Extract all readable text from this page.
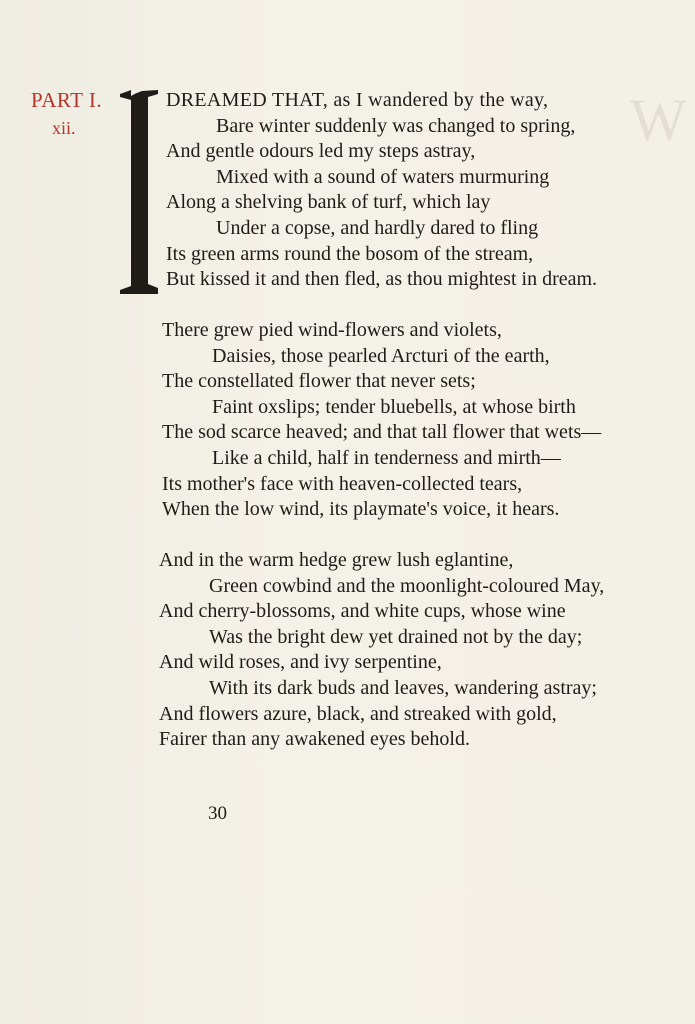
W
PART I.
xii.
DREAMED THAT, as I wandered by the way,
Bare winter suddenly was changed to spring,
And gentle odours led my steps astray,
Mixed with a sound of waters murmuring
Along a shelving bank of turf, which lay
Under a copse, and hardly dared to fling
Its green arms round the bosom of the stream,
But kissed it and then fled, as thou mightest in dream.
There grew pied wind-flowers and violets,
Daisies, those pearled Arcturi of the earth,
The constellated flower that never sets;
Faint oxslips; tender bluebells, at whose birth
The sod scarce heaved; and that tall flower that wets—
Like a child, half in tenderness and mirth—
Its mother's face with heaven-collected tears,
When the low wind, its playmate's voice, it hears.
And in the warm hedge grew lush eglantine,
Green cowbind and the moonlight-coloured May,
And cherry-blossoms, and white cups, whose wine
Was the bright dew yet drained not by the day;
And wild roses, and ivy serpentine,
With its dark buds and leaves, wandering astray;
And flowers azure, black, and streaked with gold,
Fairer than any awakened eyes behold.
30
